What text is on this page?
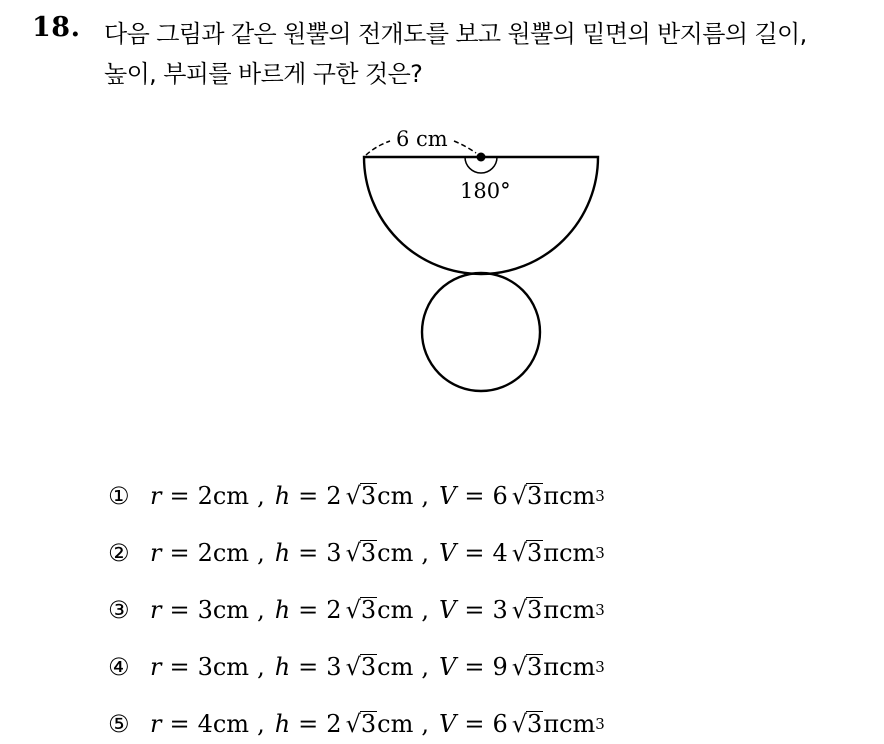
18. 다음 그림과 같은 원뿔의 전개도를 보고 원뿔의 밑면의 반지름의 길이,
높이, 부피를 바르게 구한 것은?
6 cm
180°
① r = 2cm , h = 2 √3 cm , V = 6 √3 πcm 3
② r = 2cm , h = 3 √3 cm , V = 4 √3 πcm 3
③ r = 3cm , h = 2 √3 cm , V = 3 √3 πcm 3
④ r = 3cm , h = 3 √3 cm , V = 9 √3 πcm 3
⑤ r = 4cm , h = 2 √3 cm , V = 6 √3 πcm 3
